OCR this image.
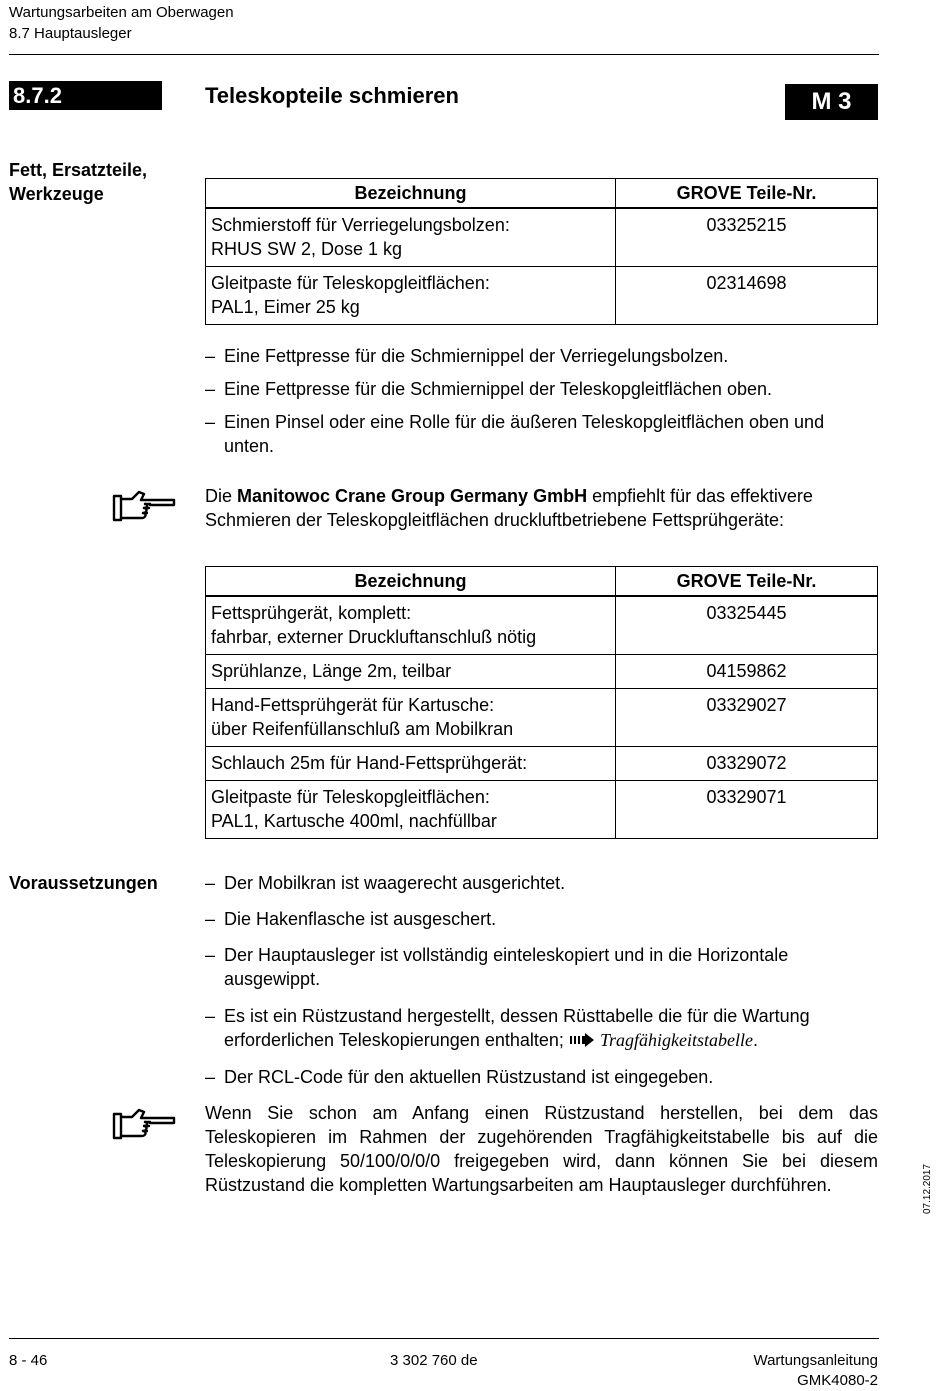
Wartungsarbeiten am Oberwagen
8.7 Hauptausleger
8.7.2	Teleskopteile schmieren	M 3
Fett, Ersatzteile,
Werkzeuge	Bezeichnung	GROVE Teile-Nr.

Schmierstoff für Verriegelungsbolzen:
RHUS SW 2, Dose 1 kg	03325215

Gleitpaste für Teleskopgleitflächen:
PAL1, Eimer 25 kg	02314698
– Eine Fettpresse für die Schmiernippel der Verriegelungsbolzen.
– Eine Fettpresse für die Schmiernippel der Teleskopgleitflächen oben.
– Einen Pinsel oder eine Rolle für die äußeren Teleskopgleitflächen oben und unten.
Die Manitowoc Crane Group Germany GmbH empfiehlt für das effektivere Schmieren der Teleskopgleitflächen druckluftbetriebene Fettsprühgeräte:
Bezeichnung	GROVE Teile-Nr.

Fettsprühgerät, komplett:
fahrbar, externer Druckluftanschluß nötig	03325445
Sprühlanze, Länge 2m, teilbar	04159862

Hand-Fettsprühgerät für Kartusche:
über Reifenfüllanschluß am Mobilkran	03329027
Schlauch 25m für Hand-Fettsprühgerät:	03329072

Gleitpaste für Teleskopgleitflächen:
PAL1, Kartusche 400ml, nachfüllbar	03329071
Voraussetzungen	– Der Mobilkran ist waagerecht ausgerichtet.
– Die Hakenflasche ist ausgeschert.
– Der Hauptausleger ist vollständig einteleskopiert und in die Horizontale ausgewippt.
– Es ist ein Rüstzustand hergestellt, dessen Rüsttabelle die für die Wartung erforderlichen Teleskopierungen enthalten; Tragfähigkeitstabelle.
– Der RCL-Code für den aktuellen Rüstzustand ist eingegeben.
Wenn Sie schon am Anfang einen Rüstzustand herstellen, bei dem das Teleskopieren im Rahmen der zugehörenden Tragfähigkeitstabelle bis auf die Teleskopierung 50/100/0/0/0 freigegeben wird, dann können Sie bei diesem Rüstzustand die kompletten Wartungsarbeiten am Hauptausleger durchführen.	07.12.2017
8 - 46	3 302 760 de	Wartungsanleitung
GMK4080-2
